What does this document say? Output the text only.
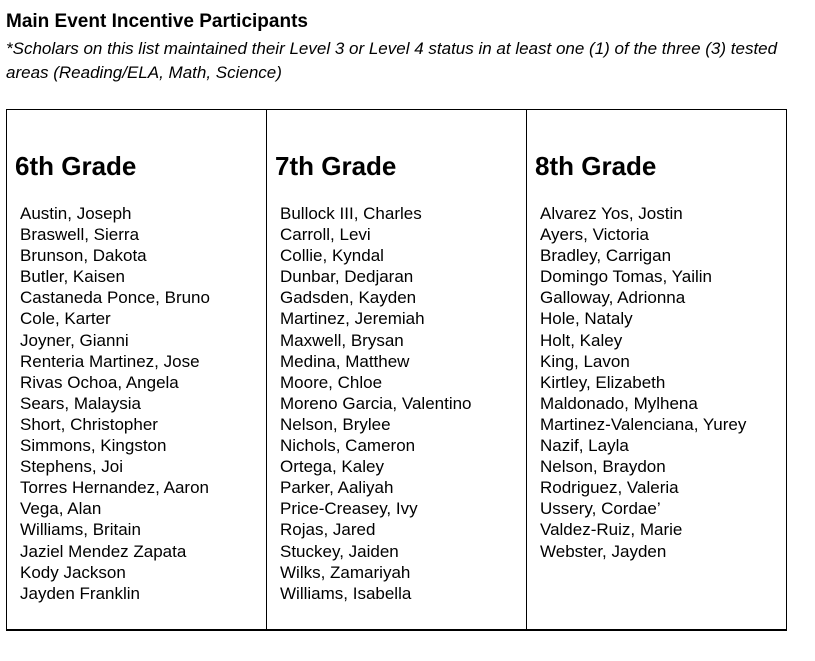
Main Event Incentive Participants
*Scholars on this list maintained their Level 3 or Level 4 status in at least one (1) of the three (3) tested areas (Reading/ELA, Math, Science)
6th Grade
Austin, Joseph
Braswell, Sierra
Brunson, Dakota
Butler, Kaisen
Castaneda Ponce, Bruno
Cole, Karter
Joyner, Gianni
Renteria Martinez, Jose
Rivas Ochoa, Angela
Sears, Malaysia
Short, Christopher
Simmons, Kingston
Stephens, Joi
Torres Hernandez, Aaron
Vega, Alan
Williams, Britain
Jaziel Mendez Zapata
Kody Jackson
Jayden Franklin
7th Grade
Bullock III, Charles
Carroll, Levi
Collie, Kyndal
Dunbar, Dedjaran
Gadsden, Kayden
Martinez, Jeremiah
Maxwell, Brysan
Medina, Matthew
Moore, Chloe
Moreno Garcia, Valentino
Nelson, Brylee
Nichols, Cameron
Ortega, Kaley
Parker, Aaliyah
Price-Creasey, Ivy
Rojas, Jared
Stuckey, Jaiden
Wilks, Zamariyah
Williams, Isabella
8th Grade
Alvarez Yos, Jostin
Ayers, Victoria
Bradley, Carrigan
Domingo Tomas, Yailin
Galloway, Adrionna
Hole, Nataly
Holt, Kaley
King, Lavon
Kirtley, Elizabeth
Maldonado, Mylhena
Martinez-Valenciana, Yurey
Nazif, Layla
Nelson, Braydon
Rodriguez, Valeria
Ussery, Cordae’
Valdez-Ruiz, Marie
Webster, Jayden
